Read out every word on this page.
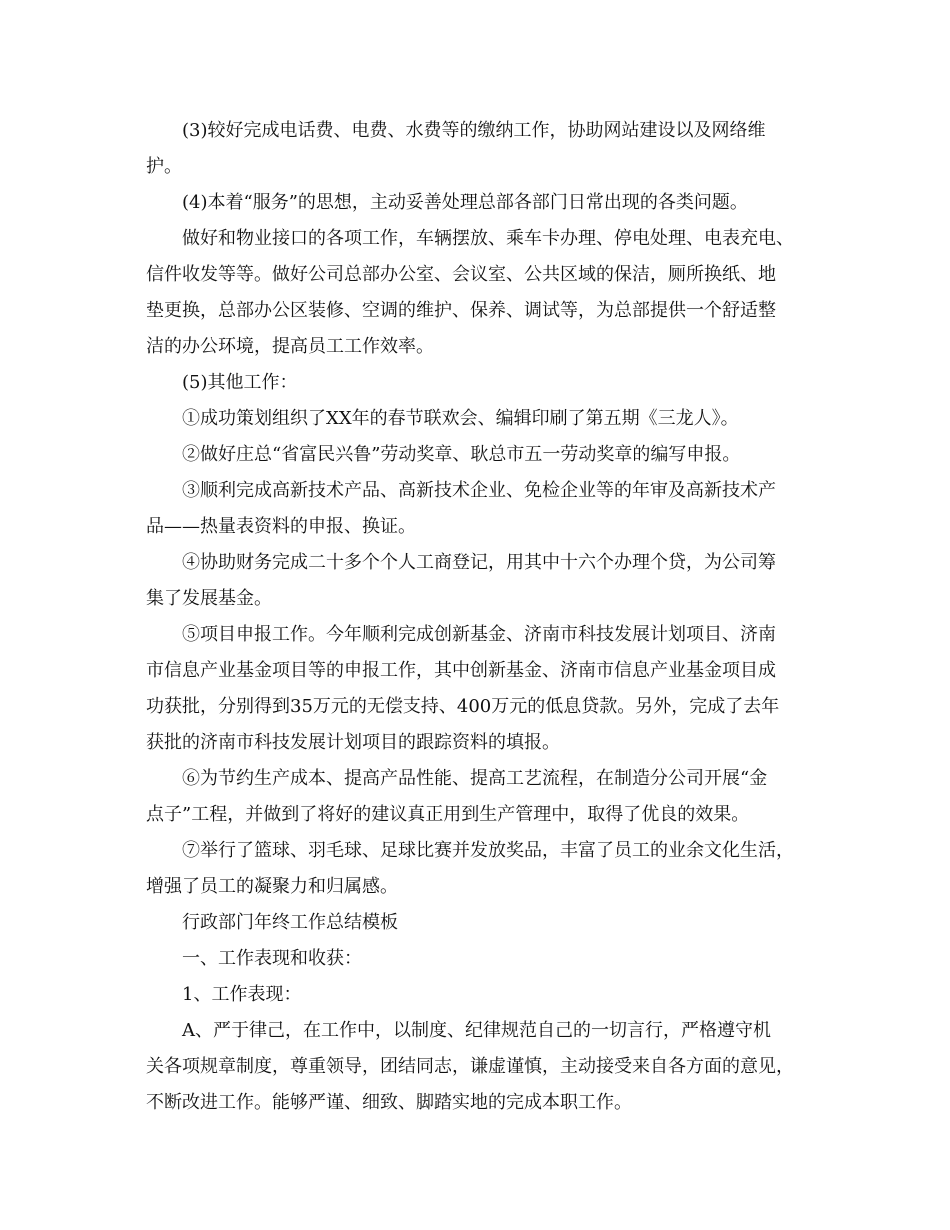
(3)较好完成电话费、电费、水费等的缴纳工作，协助网站建设以及网络维
护。

(4)本着“服务”的思想，主动妥善处理总部各部门日常出现的各类问题。

做好和物业接口的各项工作，车辆摆放、乘车卡办理、停电处理、电表充电、
信件收发等等。做好公司总部办公室、会议室、公共区域的保洁，厕所换纸、地
垫更换，总部办公区装修、空调的维护、保养、调试等，为总部提供一个舒适整
洁的办公环境，提高员工工作效率。

(5)其他工作：

①成功策划组织了XX年的春节联欢会、编辑印刷了第五期《三龙人》。

②做好庄总“省富民兴鲁”劳动奖章、耿总市五一劳动奖章的编写申报。

③顺利完成高新技术产品、高新技术企业、免检企业等的年审及高新技术产
品——热量表资料的申报、换证。

④协助财务完成二十多个个人工商登记，用其中十六个办理个贷，为公司筹
集了发展基金。

⑤项目申报工作。今年顺利完成创新基金、济南市科技发展计划项目、济南
市信息产业基金项目等的申报工作，其中创新基金、济南市信息产业基金项目成
功获批，分别得到35万元的无偿支持、400万元的低息贷款。另外，完成了去年
获批的济南市科技发展计划项目的跟踪资料的填报。

⑥为节约生产成本、提高产品性能、提高工艺流程，在制造分公司开展“金
点子”工程，并做到了将好的建议真正用到生产管理中，取得了优良的效果。

⑦举行了篮球、羽毛球、足球比赛并发放奖品，丰富了员工的业余文化生活，
增强了员工的凝聚力和归属感。

行政部门年终工作总结模板

一、工作表现和收获：

1、工作表现：

A、严于律己，在工作中，以制度、纪律规范自己的一切言行，严格遵守机
关各项规章制度，尊重领导，团结同志，谦虚谨慎，主动接受来自各方面的意见，
不断改进工作。能够严谨、细致、脚踏实地的完成本职工作。
